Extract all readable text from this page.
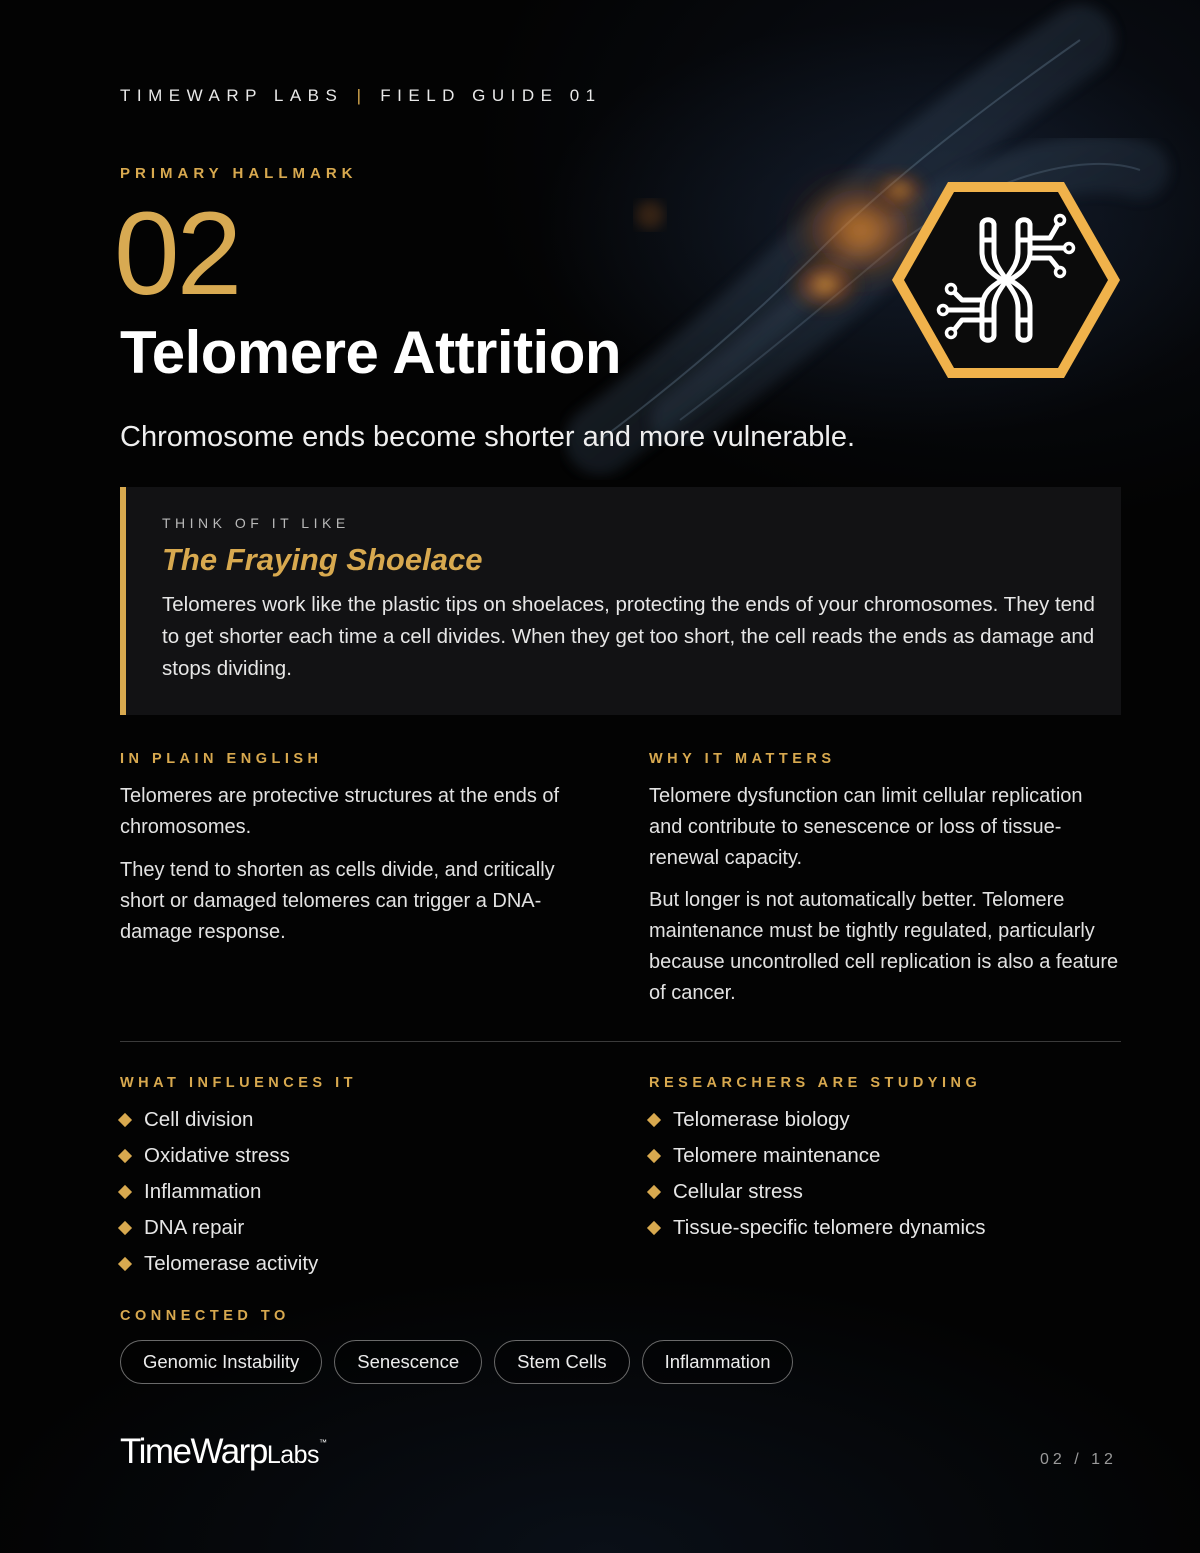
TIMEWARP LABS | FIELD GUIDE 01
PRIMARY HALLMARK
02
Telomere Attrition
Chromosome ends become shorter and more vulnerable.
THINK OF IT LIKE
The Fraying Shoelace
Telomeres work like the plastic tips on shoelaces, protecting the ends of your chromosomes. They tend to get shorter each time a cell divides. When they get too short, the cell reads the ends as damage and stops dividing.
IN PLAIN ENGLISH

Telomeres are protective structures at the ends of chromosomes.

They tend to shorten as cells divide, and critically short or damaged telomeres can trigger a DNA-damage response.

WHY IT MATTERS

Telomere dysfunction can limit cellular replication and contribute to senescence or loss of tissue-renewal capacity.

But longer is not automatically better. Telomere maintenance must be tightly regulated, particularly because uncontrolled cell replication is also a feature of cancer.

WHAT INFLUENCES IT
Cell division
Oxidative stress
Inflammation
DNA repair
Telomerase activity
RESEARCHERS ARE STUDYING
Telomerase biology
Telomere maintenance
Cellular stress
Tissue-specific telomere dynamics
CONNECTED TO
Genomic Instability	Senescence	Stem Cells	Inflammation
TimeWarpLabs™
02 / 12
